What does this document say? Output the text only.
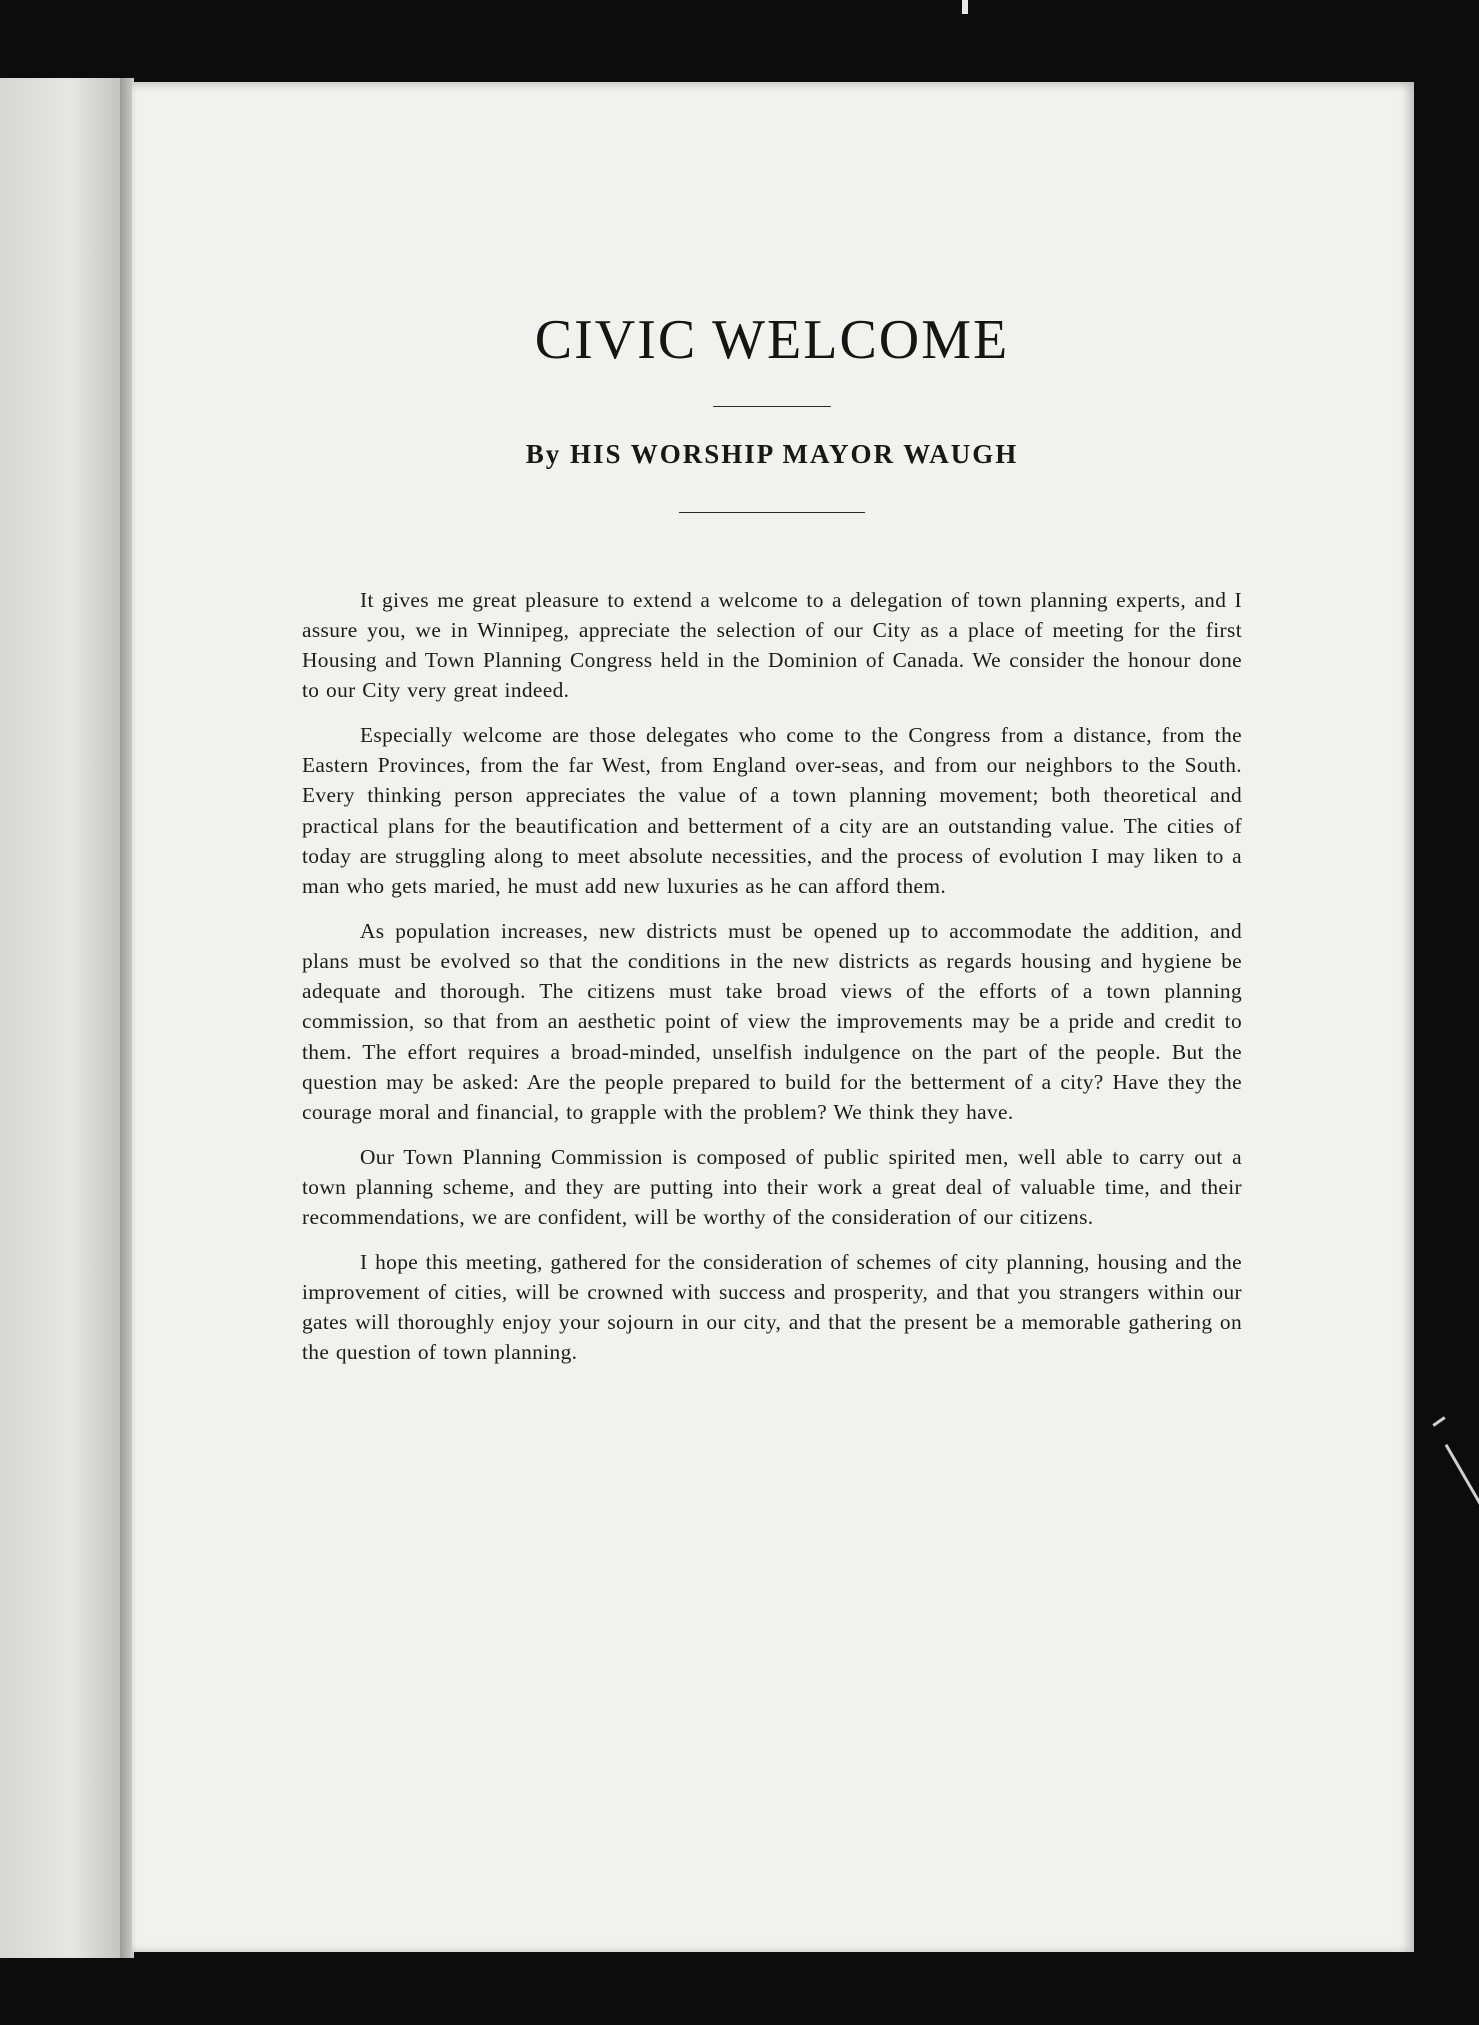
CIVIC WELCOME

By HIS WORSHIP MAYOR WAUGH

It gives me great pleasure to extend a welcome to a delegation of town planning experts, and I assure you, we in Winnipeg, appreciate the selection of our City as a place of meeting for the first Housing and Town Planning Congress held in the Dominion of Canada. We consider the honour done to our City very great indeed.

Especially welcome are those delegates who come to the Congress from a distance, from the Eastern Provinces, from the far West, from England over-seas, and from our neighbors to the South. Every thinking person appreciates the value of a town planning movement; both theoretical and practical plans for the beautification and betterment of a city are an outstanding value. The cities of today are struggling along to meet absolute necessities, and the process of evolution I may liken to a man who gets maried, he must add new luxuries as he can afford them.

As population increases, new districts must be opened up to accommodate the addition, and plans must be evolved so that the conditions in the new districts as regards housing and hygiene be adequate and thorough. The citizens must take broad views of the efforts of a town planning commission, so that from an aesthetic point of view the improvements may be a pride and credit to them. The effort requires a broad-minded, unselfish indulgence on the part of the people. But the question may be asked: Are the people prepared to build for the betterment of a city? Have they the courage moral and financial, to grapple with the problem? We think they have.

Our Town Planning Commission is composed of public spirited men, well able to carry out a town planning scheme, and they are putting into their work a great deal of valuable time, and their recommendations, we are confident, will be worthy of the consideration of our citizens.

I hope this meeting, gathered for the consideration of schemes of city planning, housing and the improvement of cities, will be crowned with success and prosperity, and that you strangers within our gates will thoroughly enjoy your sojourn in our city, and that the present be a memorable gathering on the question of town planning.
